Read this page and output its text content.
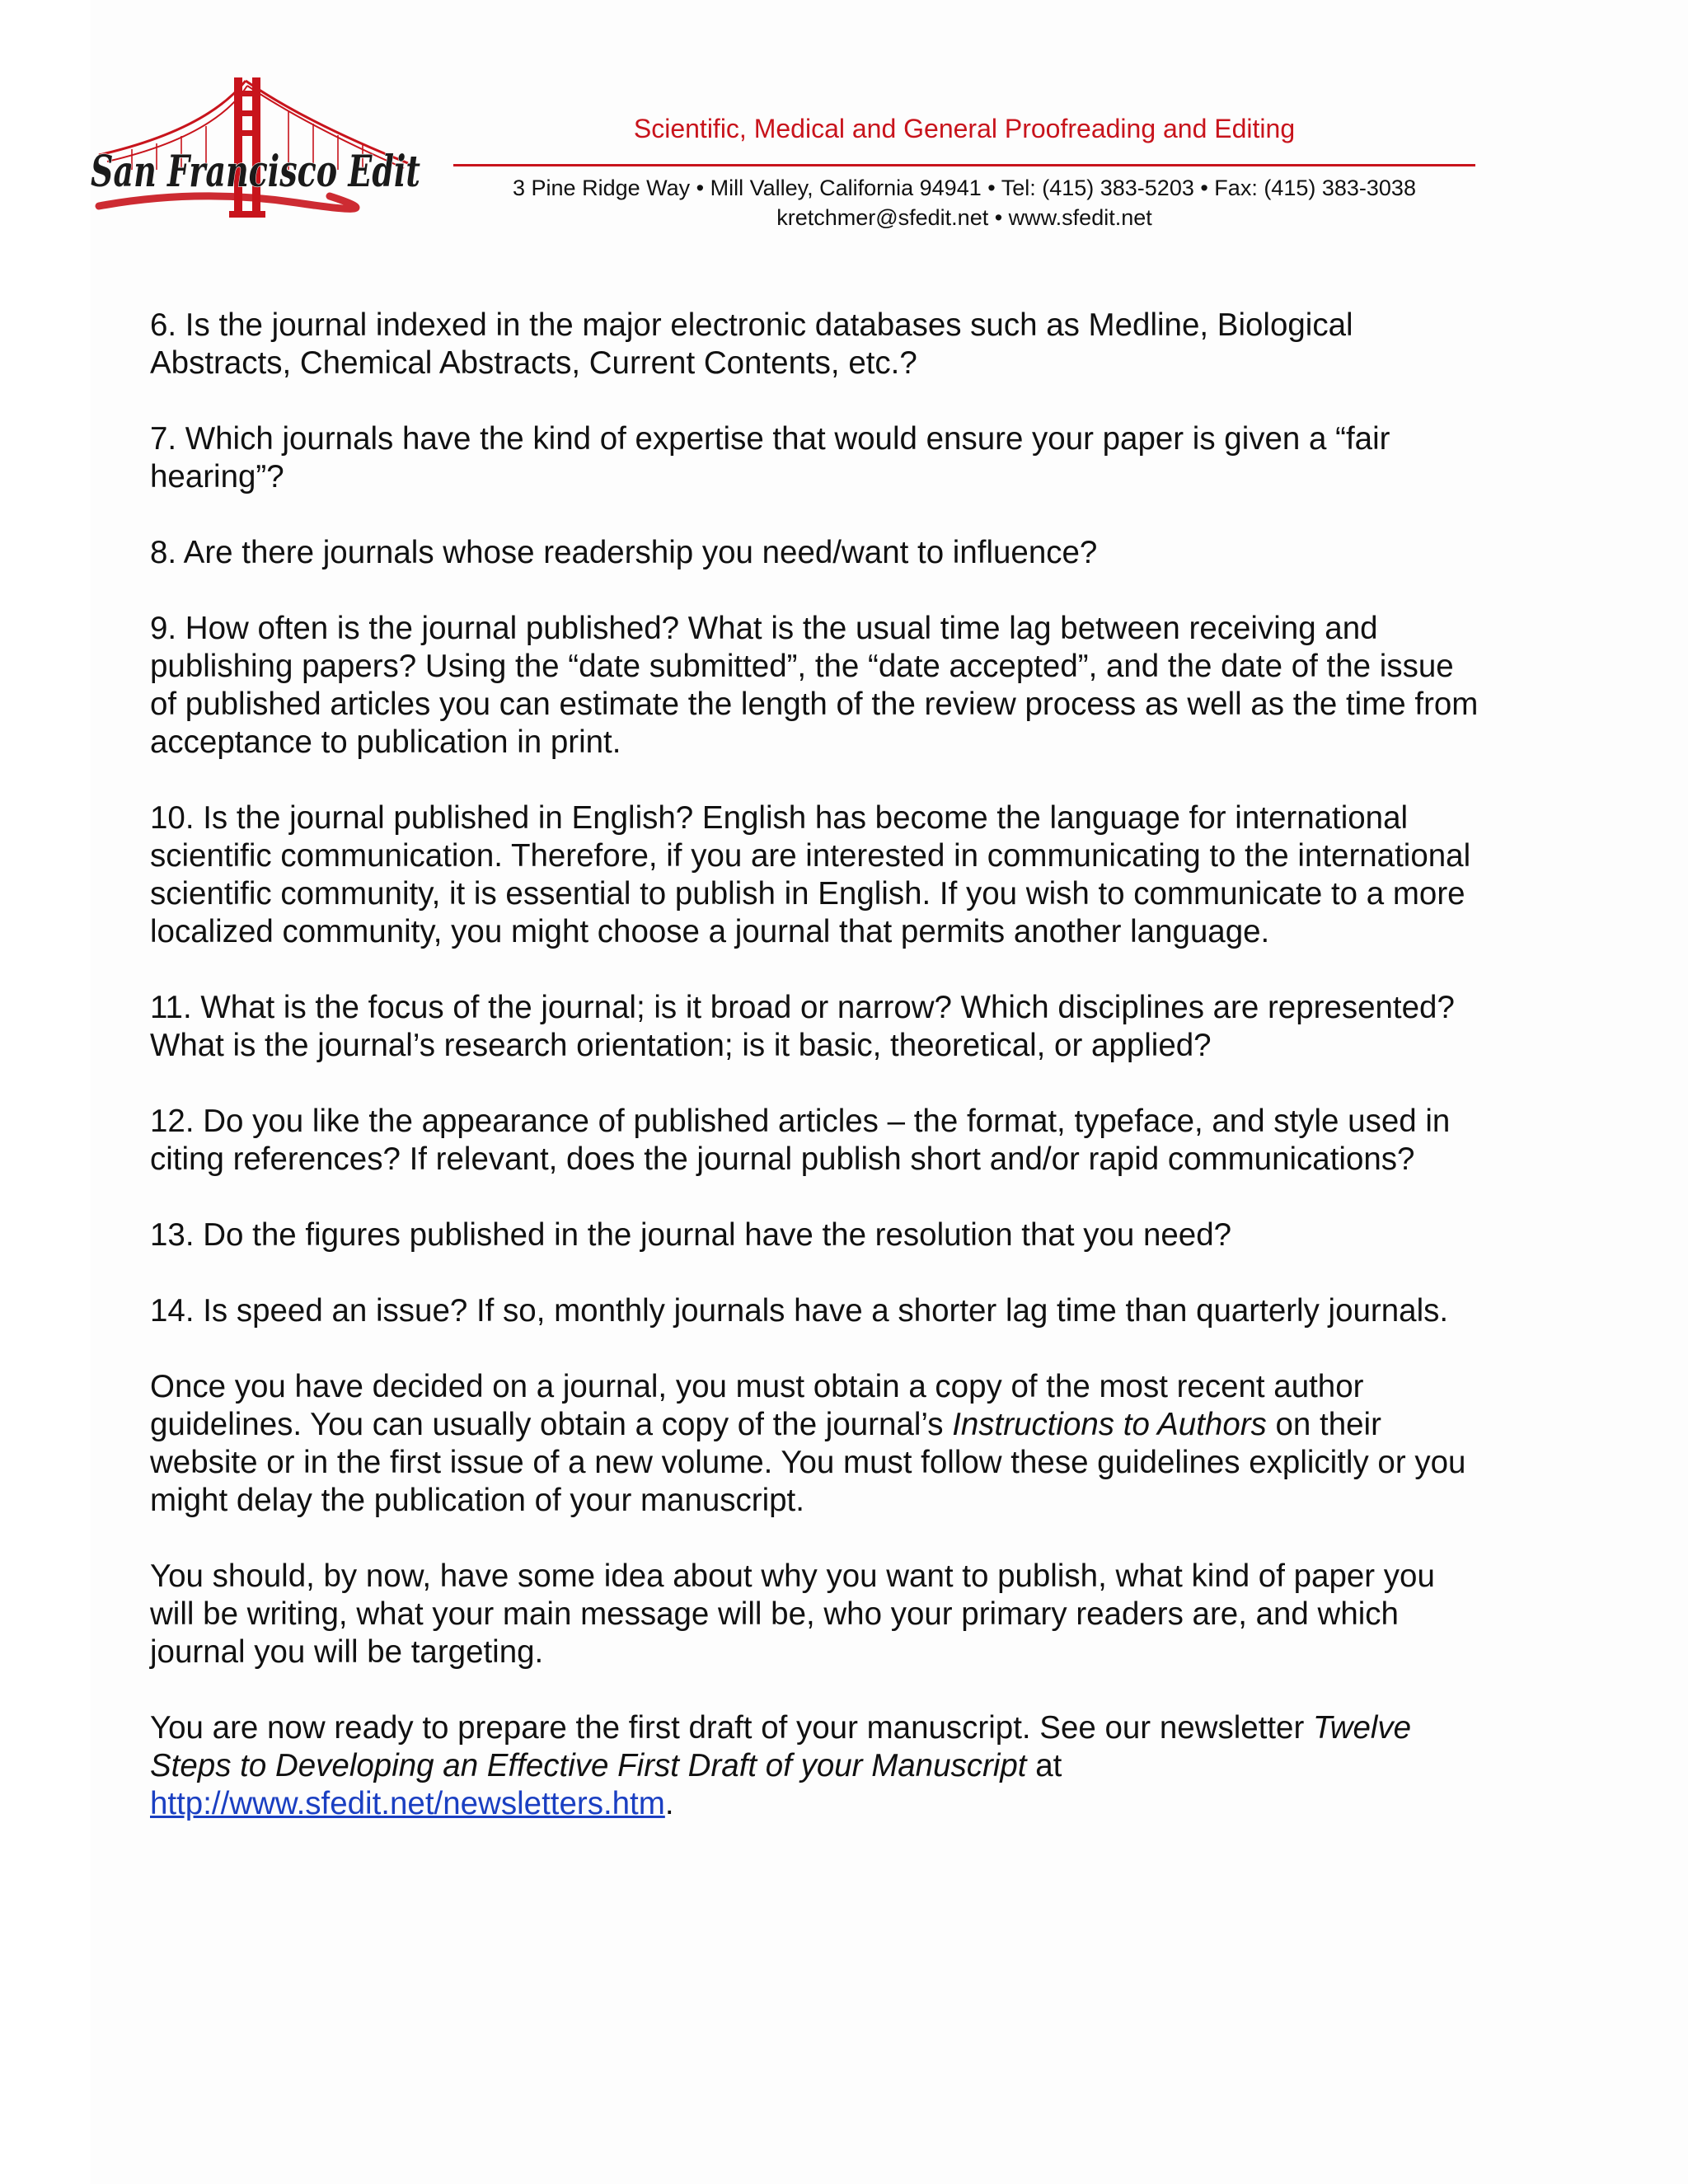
San Francisco Edit
Scientific, Medical and General Proofreading and Editing
3 Pine Ridge Way • Mill Valley, California 94941 • Tel: (415) 383-5203 • Fax: (415) 383-3038
kretchmer@sfedit.net • www.sfedit.net

6. Is the journal indexed in the major electronic databases such as Medline, Biological Abstracts, Chemical Abstracts, Current Contents, etc.?

7. Which journals have the kind of expertise that would ensure your paper is given a “fair hearing”?

8. Are there journals whose readership you need/want to influence?

9. How often is the journal published? What is the usual time lag between receiving and publishing papers? Using the “date submitted”, the “date accepted”, and the date of the issue of published articles you can estimate the length of the review process as well as the time from acceptance to publication in print.

10. Is the journal published in English? English has become the language for international scientific communication. Therefore, if you are interested in communicating to the international scientific community, it is essential to publish in English. If you wish to communicate to a more localized community, you might choose a journal that permits another language.

11. What is the focus of the journal; is it broad or narrow? Which disciplines are represented? What is the journal’s research orientation; is it basic, theoretical, or applied?

12. Do you like the appearance of published articles – the format, typeface, and style used in citing references? If relevant, does the journal publish short and/or rapid communications?

13. Do the figures published in the journal have the resolution that you need?

14. Is speed an issue? If so, monthly journals have a shorter lag time than quarterly journals.

Once you have decided on a journal, you must obtain a copy of the most recent author guidelines. You can usually obtain a copy of the journal’s Instructions to Authors on their website or in the first issue of a new volume. You must follow these guidelines explicitly or you might delay the publication of your manuscript.

You should, by now, have some idea about why you want to publish, what kind of paper you will be writing, what your main message will be, who your primary readers are, and which journal you will be targeting.

You are now ready to prepare the first draft of your manuscript. See our newsletter Twelve Steps to Developing an Effective First Draft of your Manuscript at http://www.sfedit.net/newsletters.htm.
